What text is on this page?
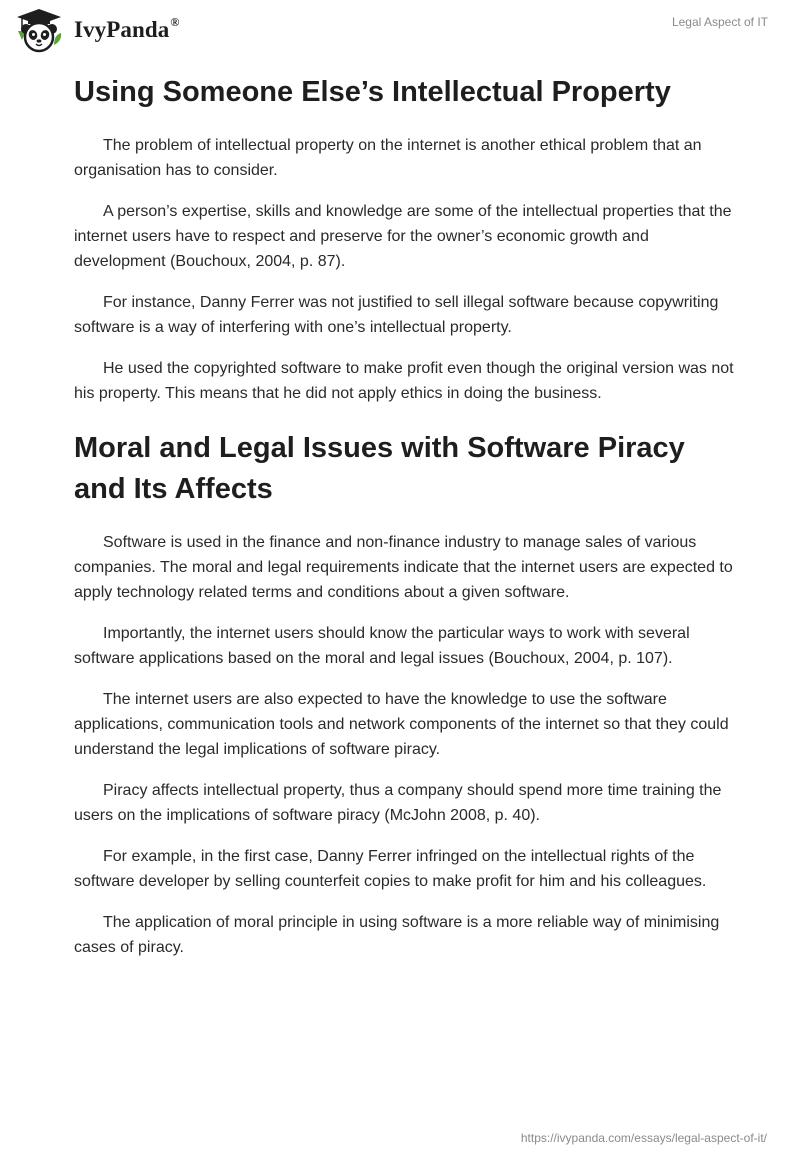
IvyPanda®	Legal Aspect of IT
Using Someone Else’s Intellectual Property

The problem of intellectual property on the internet is another ethical problem that an organisation has to consider.

A person’s expertise, skills and knowledge are some of the intellectual properties that the internet users have to respect and preserve for the owner’s economic growth and development (Bouchoux, 2004, p. 87).

For instance, Danny Ferrer was not justified to sell illegal software because copywriting software is a way of interfering with one’s intellectual property.

He used the copyrighted software to make profit even though the original version was not his property. This means that he did not apply ethics in doing the business.

Moral and Legal Issues with Software Piracy and Its Affects

Software is used in the finance and non-finance industry to manage sales of various companies. The moral and legal requirements indicate that the internet users are expected to apply technology related terms and conditions about a given software.

Importantly, the internet users should know the particular ways to work with several software applications based on the moral and legal issues (Bouchoux, 2004, p. 107).

The internet users are also expected to have the knowledge to use the software applications, communication tools and network components of the internet so that they could understand the legal implications of software piracy.

Piracy affects intellectual property, thus a company should spend more time training the users on the implications of software piracy (McJohn 2008, p. 40).

For example, in the first case, Danny Ferrer infringed on the intellectual rights of the software developer by selling counterfeit copies to make profit for him and his colleagues.

The application of moral principle in using software is a more reliable way of minimising cases of piracy.

https://ivypanda.com/essays/legal-aspect-of-it/
